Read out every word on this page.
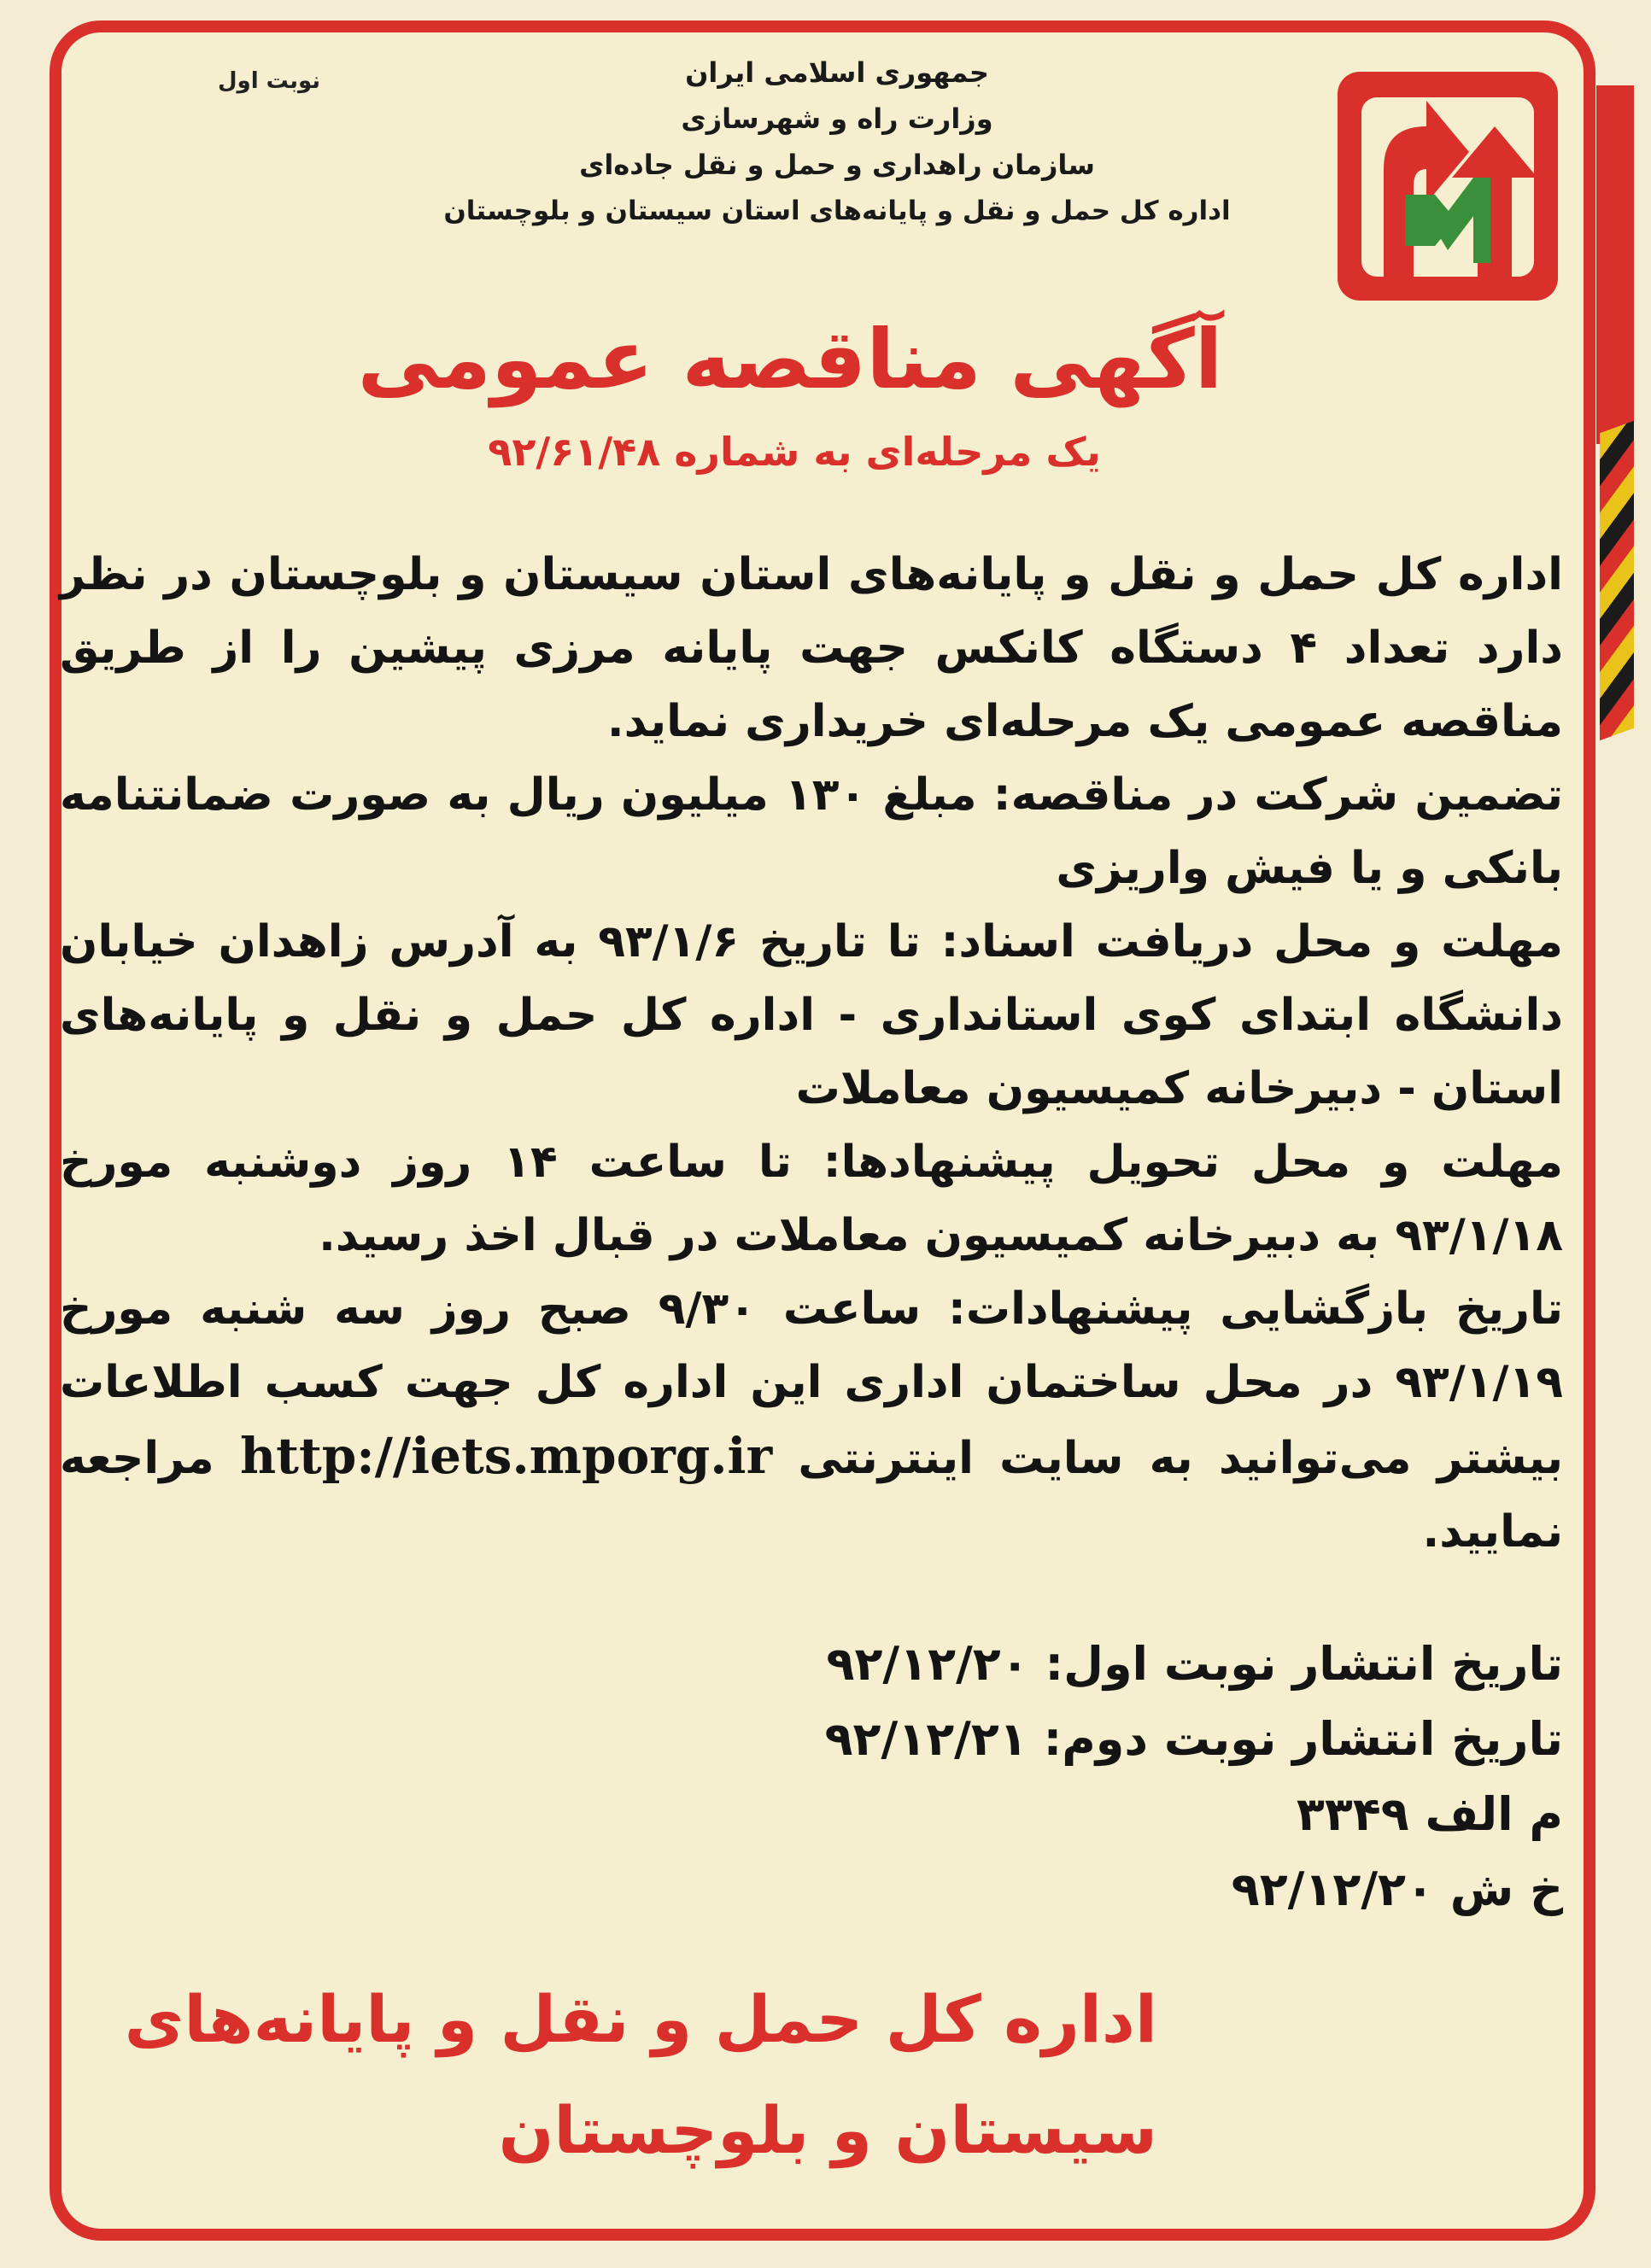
نوبت اول	جمهوری اسلامی ایران
وزارت راه و شهرسازی
سازمان راهداری و حمل و نقل جاده‌ای
اداره کل حمل و نقل و پایانه‌های استان سیستان و بلوچستان
آگهی مناقصه عمومی
یک مرحله‌ای به شماره ۹۲/۶۱/۴۸

اداره کل حمل و نقل و پایانه‌های استان سیستان و بلوچستان در نظر دارد تعداد ۴ دستگاه کانکس جهت پایانه مرزی پیشین را از طریق مناقصه عمومی یک مرحله‌ای خریداری نماید.

تضمین شرکت در مناقصه: مبلغ ۱۳۰ میلیون ریال به صورت ضمانتنامه بانکی و یا فیش واریزی

مهلت و محل دریافت اسناد: تا تاریخ ۹۳/۱/۶ به آدرس زاهدان خیابان دانشگاه ابتدای کوی استانداری - اداره کل حمل و نقل و پایانه‌های استان - دبیرخانه کمیسیون معاملات

مهلت و محل تحویل پیشنهادها: تا ساعت ۱۴ روز دوشنبه مورخ ۹۳/۱/۱۸ به دبیرخانه کمیسیون معاملات در قبال اخذ رسید.

تاریخ بازگشایی پیشنهادات: ساعت ۹/۳۰ صبح روز سه شنبه مورخ ۹۳/۱/۱۹ در محل ساختمان اداری این اداره کل جهت کسب اطلاعات بیشتر می‌توانید به سایت اینترنتی http://iets.mporg.ir مراجعه نمایید.

تاریخ انتشار نوبت اول: ۹۲/۱۲/۲۰
تاریخ انتشار نوبت دوم: ۹۲/۱۲/۲۱
م الف ۳۳۴۹
خ ش ۹۲/۱۲/۲۰
اداره کل حمل و نقل و پایانه‌های
سیستان و بلوچستان
